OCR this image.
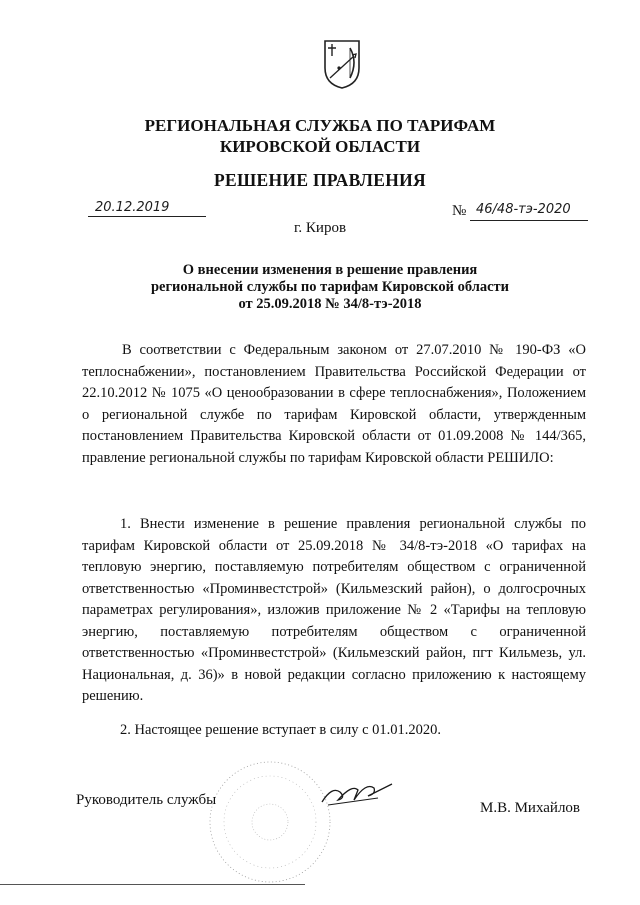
РЕГИОНАЛЬНАЯ СЛУЖБА ПО ТАРИФАМ
КИРОВСКОЙ ОБЛАСТИ
РЕШЕНИЕ ПРАВЛЕНИЯ
20.12.2019	№ 46/48-тэ-2020
г. Киров
О внесении изменения в решение правления региональной службы по тарифам Кировской области от 25.09.2018 № 34/8-тэ-2018
В соответствии с Федеральным законом от 27.07.2010 № 190-ФЗ «О теплоснабжении», постановлением Правительства Российской Федерации от 22.10.2012 № 1075 «О ценообразовании в сфере теплоснабжения», Положением о региональной службе по тарифам Кировской области, утвержденным постановлением Правительства Кировской области от 01.09.2008 № 144/365, правление региональной службы по тарифам Кировской области РЕШИЛО:
1. Внести изменение в решение правления региональной службы по тарифам Кировской области от 25.09.2018 № 34/8-тэ-2018 «О тарифах на тепловую энергию, поставляемую потребителям обществом с ограниченной ответственностью «Проминвестстрой» (Кильмезский район), о долгосрочных параметрах регулирования», изложив приложение № 2 «Тарифы на тепловую энергию, поставляемую потребителям обществом с ограниченной ответственностью «Проминвестстрой» (Кильмезский район, пгт Кильмезь, ул. Национальная, д. 36)» в новой редакции согласно приложению к настоящему решению.
2. Настоящее решение вступает в силу с 01.01.2020.
Руководитель службы	М.В. Михайлов
